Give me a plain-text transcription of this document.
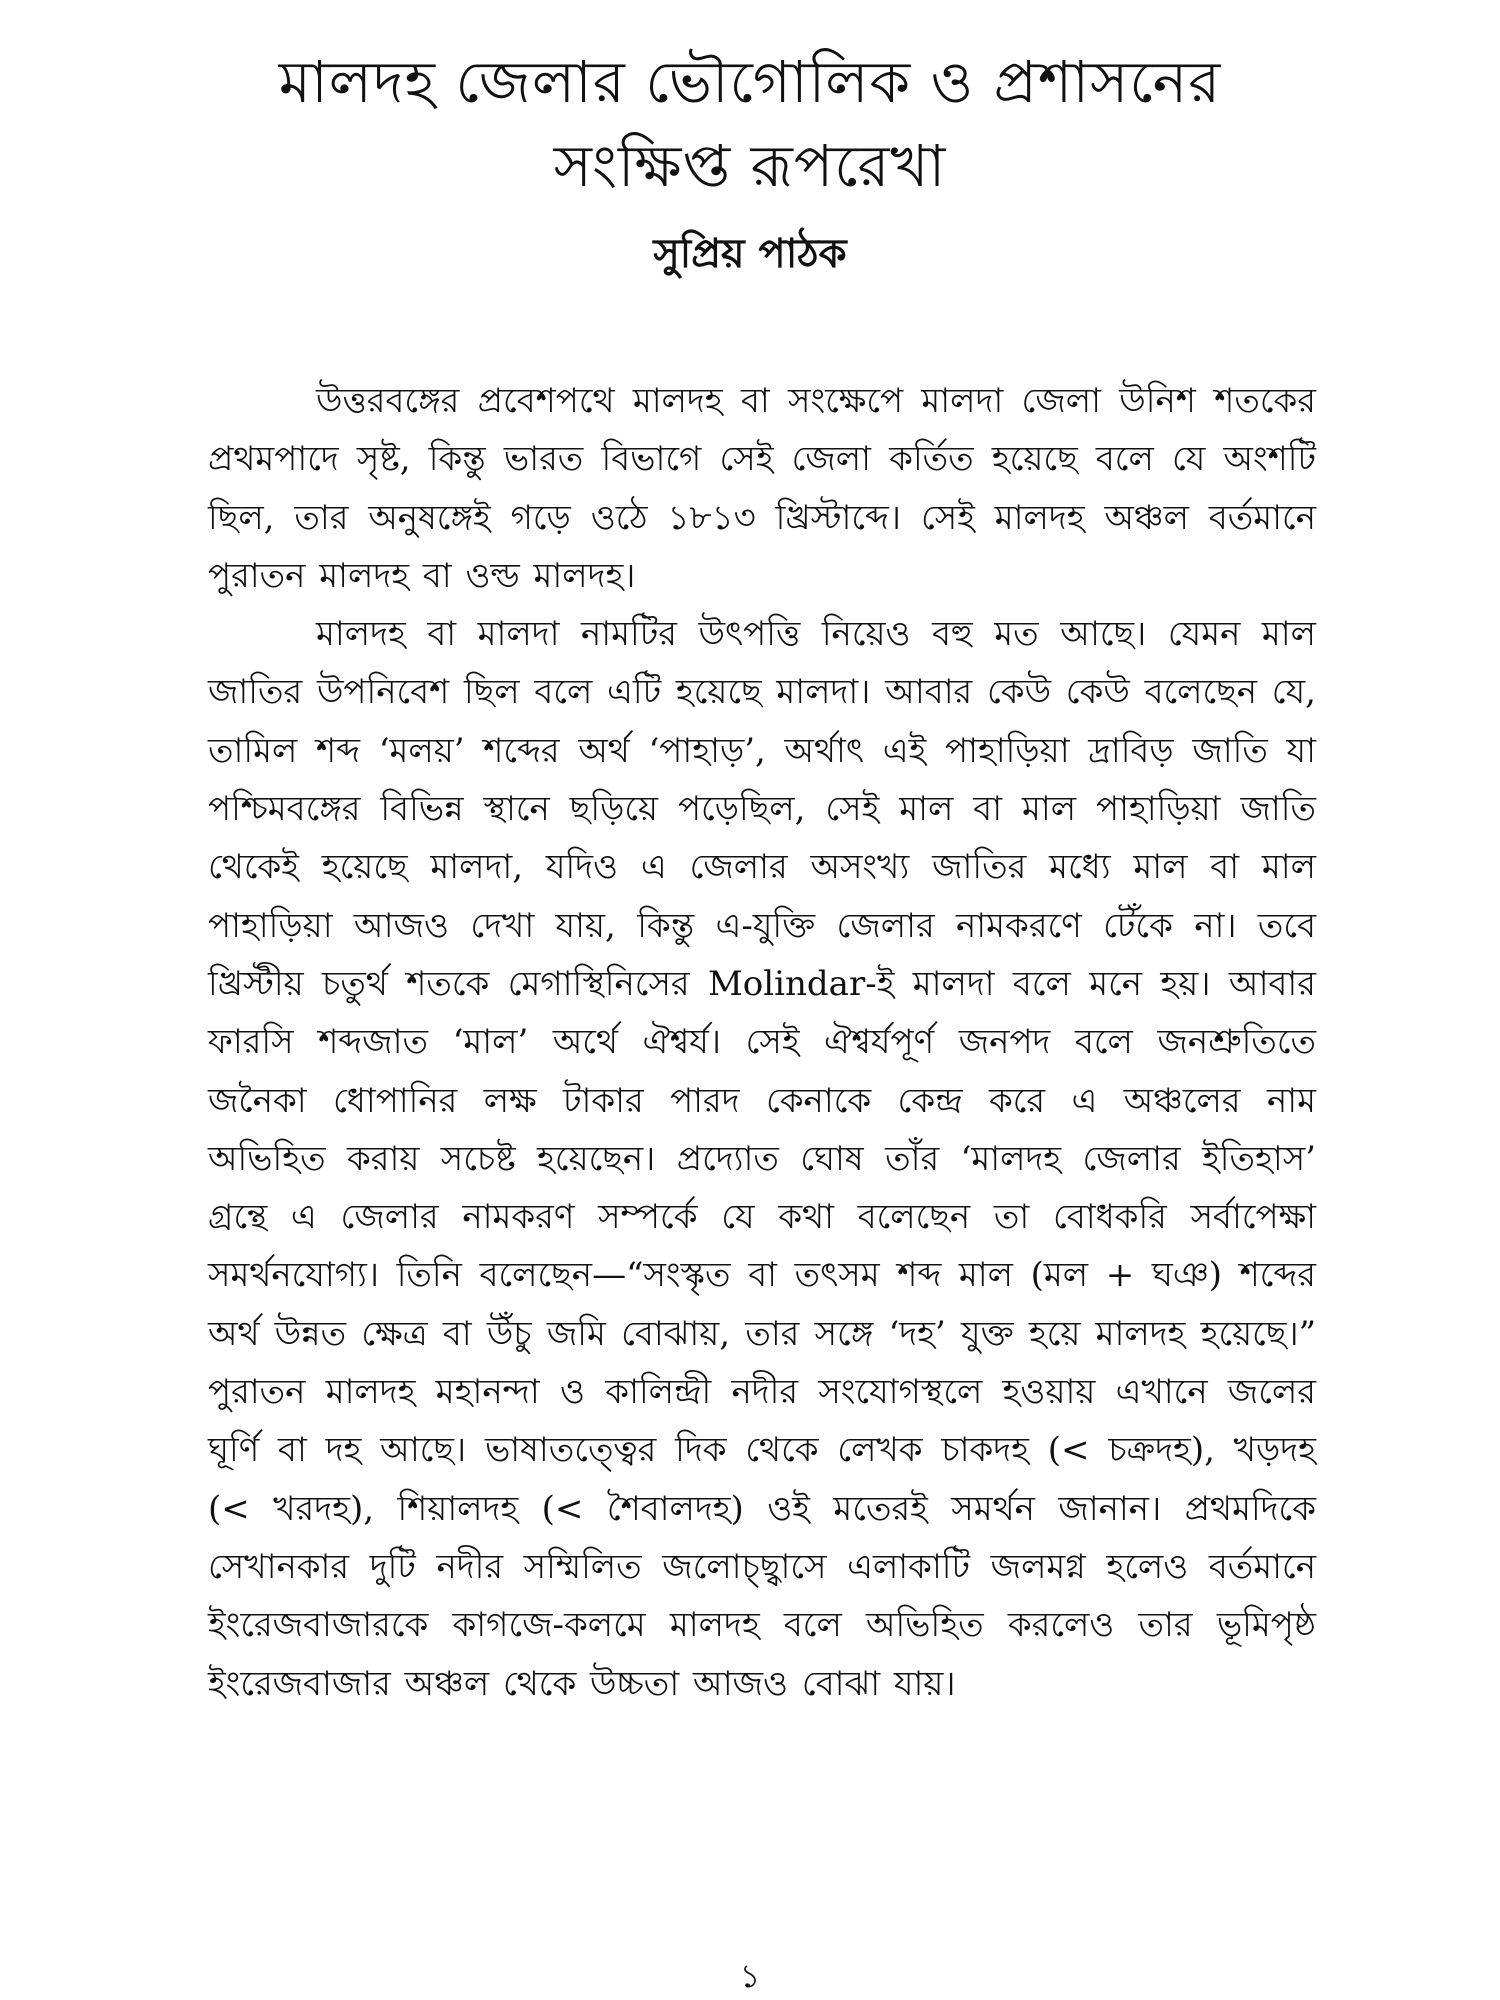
মালদহ জেলার ভৌগোলিক ও প্রশাসনের
সংক্ষিপ্ত রূপরেখা
সুপ্রিয় পাঠক

উত্তরবঙ্গের প্রবেশপথে মালদহ বা সংক্ষেপে মালদা জেলা উনিশ শতকের প্রথমপাদে সৃষ্ট, কিন্তু ভারত বিভাগে সেই জেলা কর্তিত হয়েছে বলে যে অংশটি ছিল, তার অনুষঙ্গেই গড়ে ওঠে ১৮১৩ খ্রিস্টাব্দে। সেই মালদহ অঞ্চল বর্তমানে পুরাতন মালদহ বা ওল্ড মালদহ।

মালদহ বা মালদা নামটির উৎপত্তি নিয়েও বহু মত আছে। যেমন মাল জাতির উপনিবেশ ছিল বলে এটি হয়েছে মালদা। আবার কেউ কেউ বলেছেন যে, তামিল শব্দ ‘মলয়’ শব্দের অর্থ ‘পাহাড়’, অর্থাৎ এই পাহাড়িয়া দ্রাবিড় জাতি যা পশ্চিমবঙ্গের বিভিন্ন স্থানে ছড়িয়ে পড়েছিল, সেই মাল বা মাল পাহাড়িয়া জাতি থেকেই হয়েছে মালদা, যদিও এ জেলার অসংখ্য জাতির মধ্যে মাল বা মাল পাহাড়িয়া আজও দেখা যায়, কিন্তু এ-যুক্তি জেলার নামকরণে টেঁকে না। তবে খ্রিস্টীয় চতুর্থ শতকে মেগাস্থিনিসের Molindar-ই মালদা বলে মনে হয়। আবার ফারসি শব্দজাত ‘মাল’ অর্থে ঐশ্বর্য। সেই ঐশ্বর্যপূর্ণ জনপদ বলে জনশ্রুতিতে জনৈকা ধোপানির লক্ষ টাকার পারদ কেনাকে কেন্দ্র করে এ অঞ্চলের নাম অভিহিত করায় সচেষ্ট হয়েছেন। প্রদ্যোত ঘোষ তাঁর ‘মালদহ জেলার ইতিহাস’ গ্রন্থে এ জেলার নামকরণ সম্পর্কে যে কথা বলেছেন তা বোধকরি সর্বাপেক্ষা সমর্থনযোগ্য। তিনি বলেছেন—“সংস্কৃত বা তৎসম শব্দ মাল (মল + ঘঞ) শব্দের অর্থ উন্নত ক্ষেত্র বা উঁচু জমি বোঝায়, তার সঙ্গে ‘দহ’ যুক্ত হয়ে মালদহ হয়েছে।” পুরাতন মালদহ মহানন্দা ও কালিন্দ্রী নদীর সংযোগস্থলে হওয়ায় এখানে জলের ঘূর্ণি বা দহ আছে। ভাষাতত্ত্বের দিক থেকে লেখক চাকদহ (< চক্রদহ), খড়দহ (< খরদহ), শিয়ালদহ (< শৈবালদহ) ওই মতেরই সমর্থন জানান। প্রথমদিকে সেখানকার দুটি নদীর সম্মিলিত জলোচ্ছ্বাসে এলাকাটি জলমগ্ন হলেও বর্তমানে ইংরেজবাজারকে কাগজে-কলমে মালদহ বলে অভিহিত করলেও তার ভূমিপৃষ্ঠ ইংরেজবাজার অঞ্চল থেকে উচ্চতা আজও বোঝা যায়।

১
